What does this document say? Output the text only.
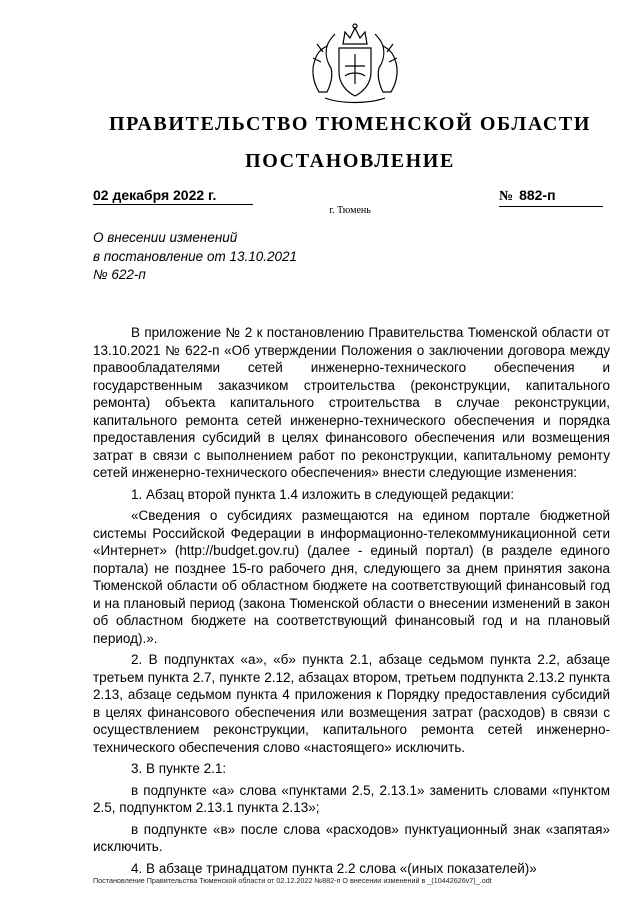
ПРАВИТЕЛЬСТВО ТЮМЕНСКОЙ ОБЛАСТИ
ПОСТАНОВЛЕНИЕ
02 декабря 2022 г.	№ 882-п
г. Тюмень
О внесении изменений
в постановление от 13.10.2021
№ 622-п

В приложение № 2 к постановлению Правительства Тюменской области от 13.10.2021 № 622-п «Об утверждении Положения о заключении договора между правообладателями сетей инженерно-технического обеспечения и государственным заказчиком строительства (реконструкции, капитального ремонта) объекта капитального строительства в случае реконструкции, капитального ремонта сетей инженерно-технического обеспечения и порядка предоставления субсидий в целях финансового обеспечения или возмещения затрат в связи с выполнением работ по реконструкции, капитальному ремонту сетей инженерно-технического обеспечения» внести следующие изменения:

1. Абзац второй пункта 1.4 изложить в следующей редакции:

«Сведения о субсидиях размещаются на едином портале бюджетной системы Российской Федерации в информационно-телекоммуникационной сети «Интернет» (http://budget.gov.ru) (далее - единый портал) (в разделе единого портала) не позднее 15-го рабочего дня, следующего за днем принятия закона Тюменской области об областном бюджете на соответствующий финансовый год и на плановый период (закона Тюменской области о внесении изменений в закон об областном бюджете на соответствующий финансовый год и на плановый период).».

2. В подпунктах «а», «б» пункта 2.1, абзаце седьмом пункта 2.2, абзаце третьем пункта 2.7, пункте 2.12, абзацах втором, третьем подпункта 2.13.2 пункта 2.13, абзаце седьмом пункта 4 приложения к Порядку предоставления субсидий в целях финансового обеспечения или возмещения затрат (расходов) в связи с осуществлением реконструкции, капитального ремонта сетей инженерно-технического обеспечения слово «настоящего» исключить.

3. В пункте 2.1:

в подпункте «а» слова «пунктами 2.5, 2.13.1» заменить словами «пунктом 2.5, подпунктом 2.13.1 пункта 2.13»;

в подпункте «в» после слова «расходов» пунктуационный знак «запятая» исключить.

4. В абзаце тринадцатом пункта 2.2 слова «(иных показателей)»

Постановление Правительства Тюменской области от 02.12.2022 №882-п О внесении изменений в _(10442626v7)_.odt
